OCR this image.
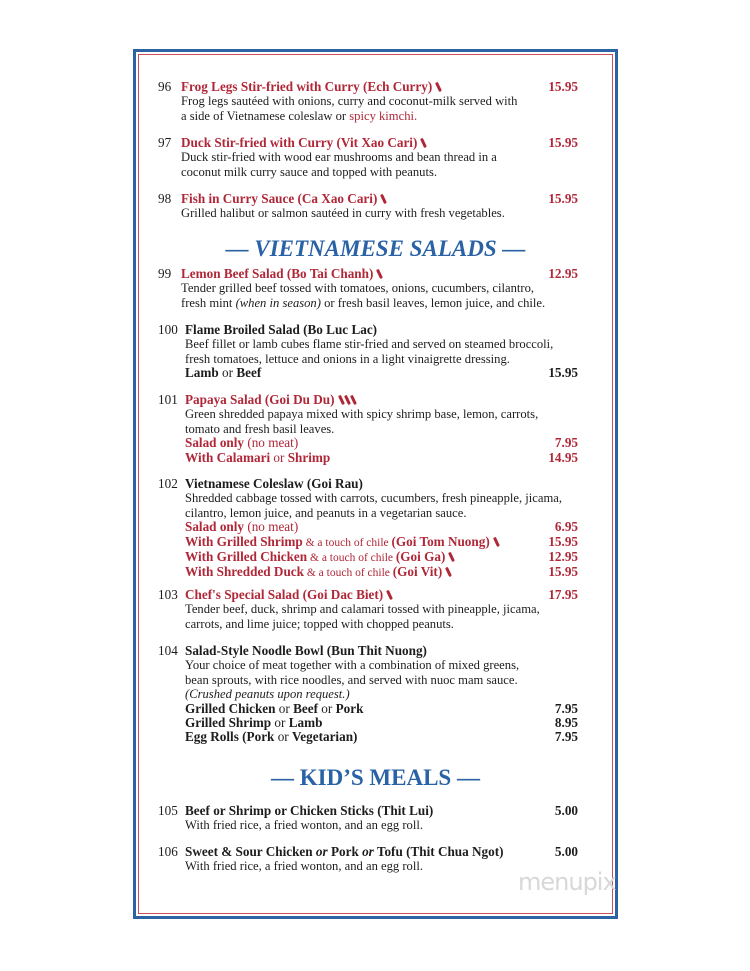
96 Frog Legs Stir-fried with Curry (Ech Curry)	15.95
Frog legs sautéed with onions, curry and coconut-milk served with
a side of Vietnamese coleslaw or spicy kimchi.
97 Duck Stir-fried with Curry (Vit Xao Cari)	15.95
Duck stir-fried with wood ear mushrooms and bean thread in a
coconut milk curry sauce and topped with peanuts.
98 Fish in Curry Sauce (Ca Xao Cari)	15.95
Grilled halibut or salmon sautéed in curry with fresh vegetables.
— VIETNAMESE SALADS —
99 Lemon Beef Salad (Bo Tai Chanh)	12.95
Tender grilled beef tossed with tomatoes, onions, cucumbers, cilantro,
fresh mint (when in season) or fresh basil leaves, lemon juice, and chile.
100 Flame Broiled Salad (Bo Luc Lac)
Beef fillet or lamb cubes flame stir-fried and served on steamed broccoli,
fresh tomatoes, lettuce and onions in a light vinaigrette dressing.
Lamb or Beef	15.95
101 Papaya Salad (Goi Du Du)
Green shredded papaya mixed with spicy shrimp base, lemon, carrots,
tomato and fresh basil leaves.
Salad only (no meat)	7.95
With Calamari or Shrimp	14.95
102 Vietnamese Coleslaw (Goi Rau)
Shredded cabbage tossed with carrots, cucumbers, fresh pineapple, jicama,
cilantro, lemon juice, and peanuts in a vegetarian sauce.
Salad only (no meat)	6.95
With Grilled Shrimp & a touch of chile (Goi Tom Nuong)	15.95
With Grilled Chicken & a touch of chile (Goi Ga)	12.95
With Shredded Duck & a touch of chile (Goi Vit)	15.95
103 Chef's Special Salad (Goi Dac Biet)	17.95
Tender beef, duck, shrimp and calamari tossed with pineapple, jicama,
carrots, and lime juice; topped with chopped peanuts.
104 Salad-Style Noodle Bowl (Bun Thit Nuong)
Your choice of meat together with a combination of mixed greens,
bean sprouts, with rice noodles, and served with nuoc mam sauce.
(Crushed peanuts upon request.)
Grilled Chicken or Beef or Pork	7.95
Grilled Shrimp or Lamb	8.95
Egg Rolls (Pork or Vegetarian)	7.95
— KID’S MEALS —
105 Beef or Shrimp or Chicken Sticks (Thit Lui)	5.00
With fried rice, a fried wonton, and an egg roll.
106 Sweet & Sour Chicken or Pork or Tofu (Thit Chua Ngot)	5.00
With fried rice, a fried wonton, and an egg roll.
menupix
